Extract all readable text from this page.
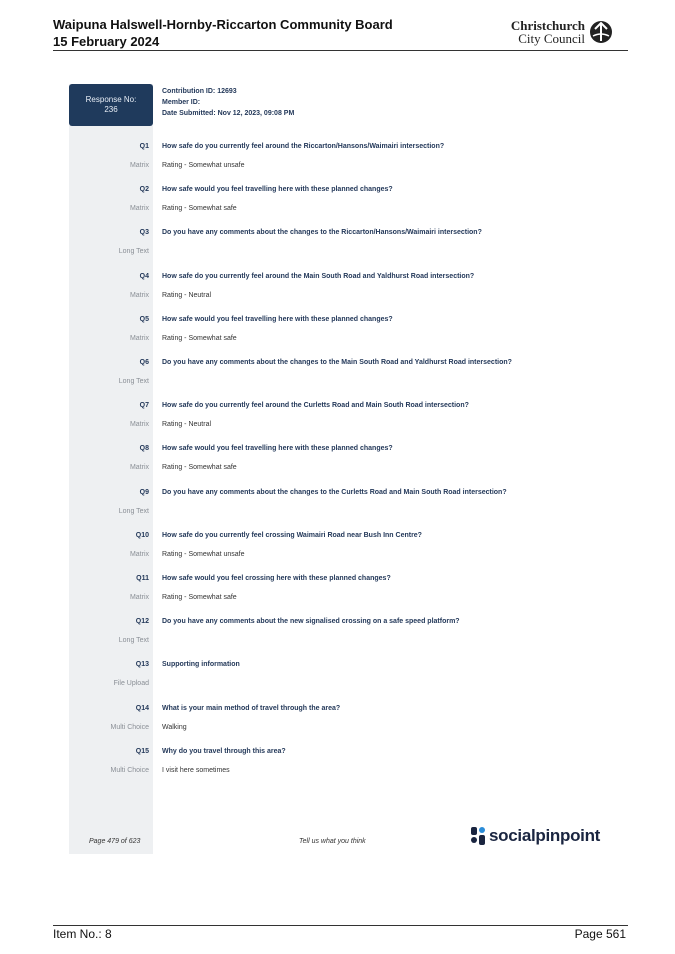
Waipuna Halswell-Hornby-Riccarton Community Board
15 February 2024
Christchurch
City Council
Response No:
236
Contribution ID: 12693
Member ID:
Date Submitted: Nov 12, 2023, 09:08 PM
Q1 How safe do you currently feel around the Riccarton/Hansons/Waimairi intersection?
Matrix Rating - Somewhat unsafe
Q2 How safe would you feel travelling here with these planned changes?
Matrix Rating - Somewhat safe
Q3 Do you have any comments about the changes to the Riccarton/Hansons/Waimairi intersection?
Long Text
Q4 How safe do you currently feel around the Main South Road and Yaldhurst Road intersection?
Matrix Rating - Neutral
Q5 How safe would you feel travelling here with these planned changes?
Matrix Rating - Somewhat safe
Q6 Do you have any comments about the changes to the Main South Road and Yaldhurst Road intersection?
Long Text
Q7 How safe do you currently feel around the Curletts Road and Main South Road intersection?
Matrix Rating - Neutral
Q8 How safe would you feel travelling here with these planned changes?
Matrix Rating - Somewhat safe
Q9 Do you have any comments about the changes to the Curletts Road and Main South Road intersection?
Long Text
Q10 How safe do you currently feel crossing Waimairi Road near Bush Inn Centre?
Matrix Rating - Somewhat unsafe
Q11 How safe would you feel crossing here with these planned changes?
Matrix Rating - Somewhat safe
Q12 Do you have any comments about the new signalised crossing on a safe speed platform?
Long Text
Q13 Supporting information
File Upload
Q14 What is your main method of travel through the area?
Multi Choice Walking
Q15 Why do you travel through this area?
Multi Choice I visit here sometimes
Page 479 of 623	Tell us what you think	socialpinpoint
Item No.: 8	Page 561
